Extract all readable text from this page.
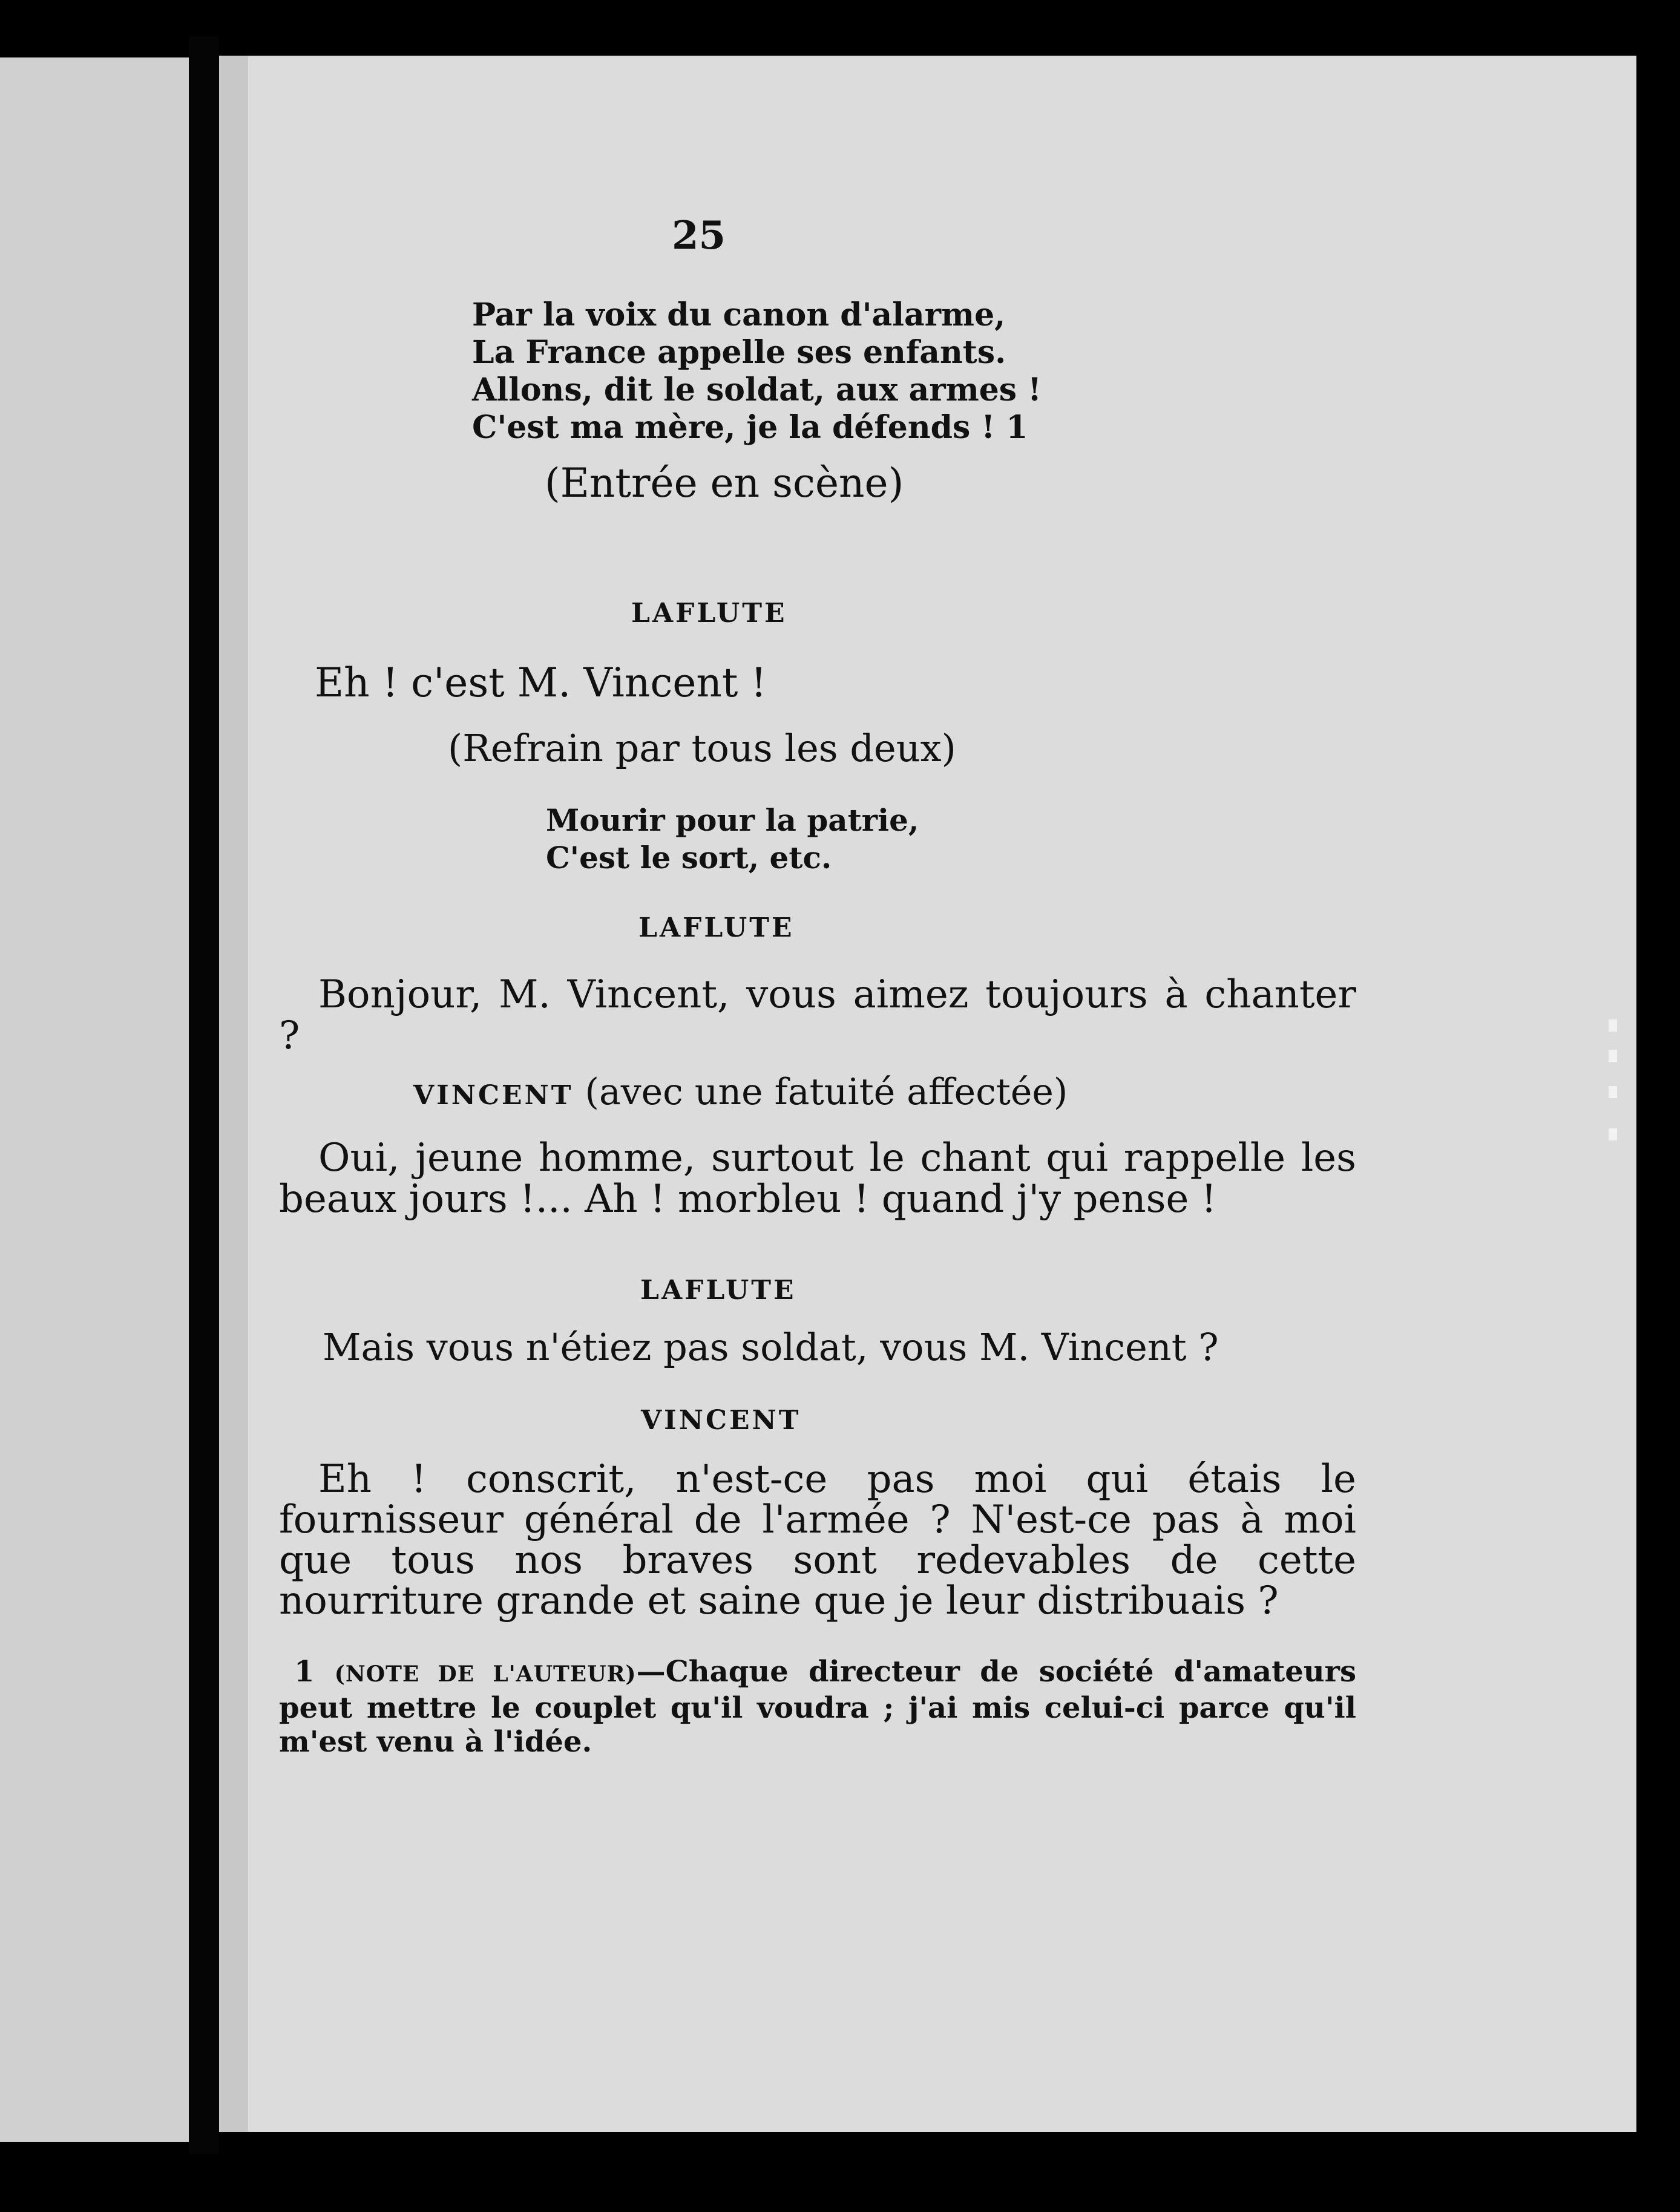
25
Par la voix du canon d'alarme,
La France appelle ses enfants.
Allons, dit le soldat, aux armes !
C'est ma mère, je la défends ! 1
(Entrée en scène)
LAFLUTE
Eh ! c'est M. Vincent !
(Refrain par tous les deux)
Mourir pour la patrie,
C'est le sort, etc.
LAFLUTE
Bonjour, M. Vincent, vous aimez toujours à chanter ?
VINCENT (avec une fatuité affectée)
Oui, jeune homme, surtout le chant qui rappelle les beaux jours !... Ah ! morbleu ! quand j'y pense !
LAFLUTE
Mais vous n'étiez pas soldat, vous M. Vincent ?
VINCENT
Eh ! conscrit, n'est-ce pas moi qui étais le fournisseur général de l'armée ? N'est-ce pas à moi que tous nos braves sont redevables de cette nourriture grande et saine que je leur distribuais ?
1 (NOTE DE L'AUTEUR)—Chaque directeur de société d'amateurs peut mettre le couplet qu'il voudra ; j'ai mis celui-ci parce qu'il m'est venu à l'idée.
